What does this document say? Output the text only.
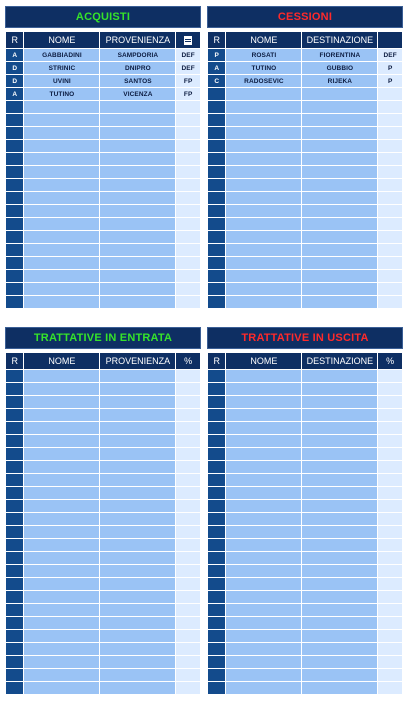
ACQUISTI
R	NOME	PROVENIENZA	
A	GABBIADINI	SAMPDORIA	DEF
D	STRINIC	DNIPRO	DEF
D	UVINI	SANTOS	FP
A	TUTINO	VICENZA	FP

CESSIONI
R	NOME	DESTINAZIONE	
P	ROSATI	FIORENTINA	DEF
A	TUTINO	GUBBIO	P
C	RADOSEVIC	RIJEKA	P

TRATTATIVE IN ENTRATA
R	NOME	PROVENIENZA	%

TRATTATIVE IN USCITA
R	NOME	DESTINAZIONE	%
